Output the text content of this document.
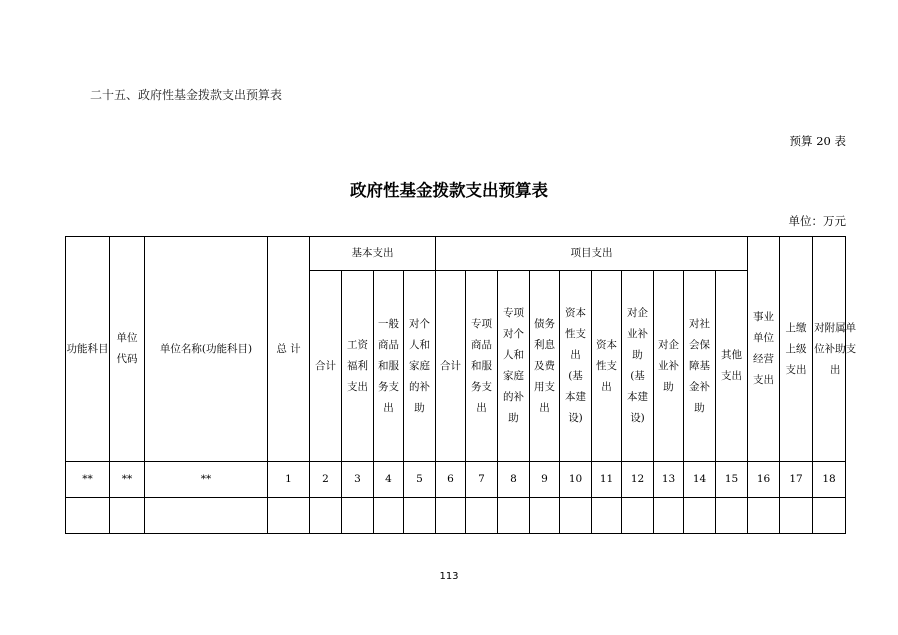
二十五、政府性基金拨款支出预算表
预算 20 表
政府性基金拨款支出预算表
单位：万元
功能科目	单位代码	单位名称(功能科目)	总 计	基本支出				项目支出										事业单位经营支出	上缴上级支出	对附属单位补助支出
				合计	工资福利支出	一般商品和服务支出	对个人和家庭的补助	合计	专项商品和服务支出	专项对个人和家庭的补助	债务利息及费用支出	资本性支出(基本建设)	资本性支出	对企业补助(基本建设)	对企业补助	对社会保障基金补助	其他支出			
**	**	**	1	2	3	4	5	6	7	8	9	10	11	12	13	14	15	16	17	18

113
